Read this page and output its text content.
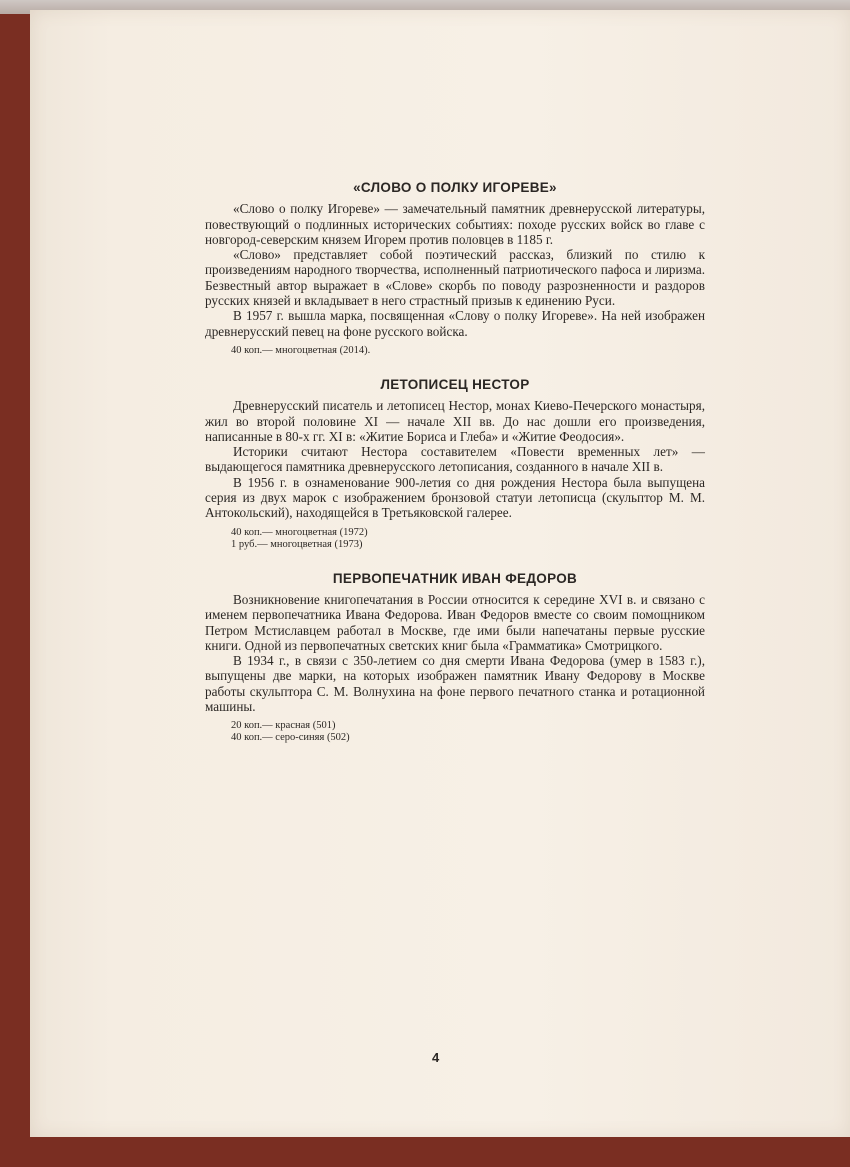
«СЛОВО О ПОЛКУ ИГОРЕВЕ»

«Слово о полку Игореве» — замечательный памятник древнерусской литературы, повествующий о подлинных исторических событиях: походе русских войск во главе с новгород-северским князем Игорем против половцев в 1185 г.

«Слово» представляет собой поэтический рассказ, близкий по стилю к произведениям народного творчества, исполненный патриотического пафоса и лиризма. Безвестный автор выражает в «Слове» скорбь по поводу разрозненности и раздоров русских князей и вкладывает в него страстный призыв к единению Руси.

В 1957 г. вышла марка, посвященная «Слову о полку Игореве». На ней изображен древнерусский певец на фоне русского войска.

40 коп.— многоцветная (2014).
ЛЕТОПИСЕЦ НЕСТОР

Древнерусский писатель и летописец Нестор, монах Киево-Печерского монастыря, жил во второй половине XI — начале XII вв. До нас дошли его произведения, написанные в 80-х гг. XI в: «Житие Бориса и Глеба» и «Житие Феодосия».

Историки считают Нестора составителем «Повести временных лет» — выдающегося памятника древнерусского летописания, созданного в начале XII в.

В 1956 г. в ознаменование 900-летия со дня рождения Нестора была выпущена серия из двух марок с изображением бронзовой статуи летописца (скульптор М. М. Антокольский), находящейся в Третьяковской галерее.

40 коп.— многоцветная (1972)
1 руб.— многоцветная (1973)
ПЕРВОПЕЧАТНИК ИВАН ФЕДОРОВ

Возникновение книгопечатания в России относится к середине XVI в. и связано с именем первопечатника Ивана Федорова. Иван Федоров вместе со своим помощником Петром Мстиславцем работал в Москве, где ими были напечатаны первые русские книги. Одной из первопечатных светских книг была «Грамматика» Смотрицкого.

В 1934 г., в связи с 350-летием со дня смерти Ивана Федорова (умер в 1583 г.), выпущены две марки, на которых изображен памятник Ивану Федорову в Москве работы скульптора С. М. Волнухина на фоне первого печатного станка и ротационной машины.

20 коп.— красная (501)
40 коп.— серо-синяя (502)
4
